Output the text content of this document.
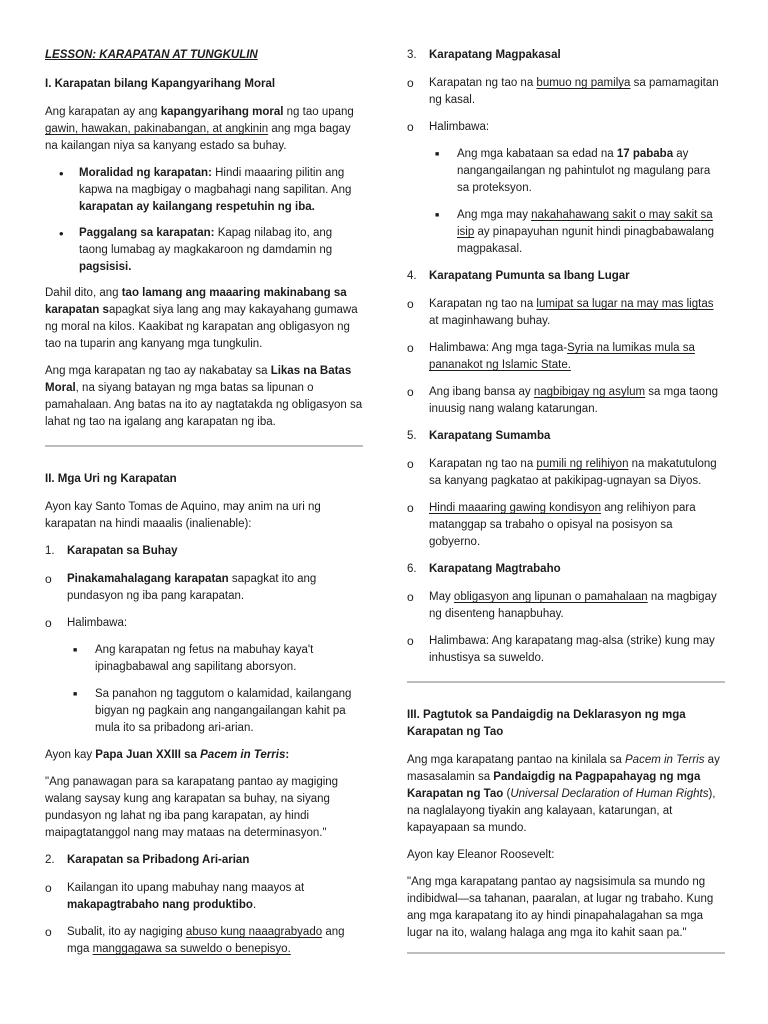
LESSON: KARAPATAN AT TUNGKULIN

I. Karapatan bilang Kapangyarihang Moral

Ang karapatan ay ang kapangyarihang moral ng tao upang gawin, hawakan, pakinabangan, at angkinin ang mga bagay na kailangan niya sa kanyang estado sa buhay.

• Moralidad ng karapatan: Hindi maaaring pilitin ang kapwa na magbigay o magbahagi nang sapilitan. Ang karapatan ay kailangang respetuhin ng iba.
• Paggalang sa karapatan: Kapag nilabag ito, ang taong lumabag ay magkakaroon ng damdamin ng pagsisisi.

Dahil dito, ang tao lamang ang maaaring makinabang sa karapatan sapagkat siya lang ang may kakayahang gumawa ng moral na kilos. Kaakibat ng karapatan ang obligasyon ng tao na tuparin ang kanyang mga tungkulin.

Ang mga karapatan ng tao ay nakabatay sa Likas na Batas Moral, na siyang batayan ng mga batas sa lipunan o pamahalaan. Ang batas na ito ay nagtatakda ng obligasyon sa lahat ng tao na igalang ang karapatan ng iba.

II. Mga Uri ng Karapatan

Ayon kay Santo Tomas de Aquino, may anim na uri ng karapatan na hindi maaalis (inalienable):

1.	Karapatan sa Buhay
o	Pinakamahalagang karapatan sapagkat ito ang pundasyon ng iba pang karapatan.
o	Halimbawa:
■	Ang karapatan ng fetus na mabuhay kaya't ipinagbabawal ang sapilitang aborsyon.
■	Sa panahon ng taggutom o kalamidad, kailangang bigyan ng pagkain ang nangangailangan kahit pa mula ito sa pribadong ari-arian.

Ayon kay Papa Juan XXIII sa Pacem in Terris:

"Ang panawagan para sa karapatang pantao ay magiging walang saysay kung ang karapatan sa buhay, na siyang pundasyon ng lahat ng iba pang karapatan, ay hindi maipagtatanggol nang may mataas na determinasyon."

2.	Karapatan sa Pribadong Ari-arian
o	Kailangan ito upang mabuhay nang maayos at makapagtrabaho nang produktibo.
o	Subalit, ito ay nagiging abuso kung naaagrabyado ang mga manggagawa sa suweldo o benepisyo.
3.	Karapatang Magpakasal
o	Karapatan ng tao na bumuo ng pamilya sa pamamagitan ng kasal.
o	Halimbawa:
■	Ang mga kabataan sa edad na 17 pababa ay nangangailangan ng pahintulot ng magulang para sa proteksyon.
■	Ang mga may nakahahawang sakit o may sakit sa isip ay pinapayuhan ngunit hindi pinagbabawalang magpakasal.
4.	Karapatang Pumunta sa Ibang Lugar
o	Karapatan ng tao na lumipat sa lugar na may mas ligtas at maginhawang buhay.
o	Halimbawa: Ang mga taga-Syria na lumikas mula sa pananakot ng Islamic State.
o	Ang ibang bansa ay nagbibigay ng asylum sa mga taong inuusig nang walang katarungan.
5.	Karapatang Sumamba
o	Karapatan ng tao na pumili ng relihiyon na makatutulong sa kanyang pagkatao at pakikipag-ugnayan sa Diyos.
o	Hindi maaaring gawing kondisyon ang relihiyon para matanggap sa trabaho o opisyal na posisyon sa gobyerno.
6.	Karapatang Magtrabaho
o	May obligasyon ang lipunan o pamahalaan na magbigay ng disenteng hanapbuhay.
o	Halimbawa: Ang karapatang mag-alsa (strike) kung may inhustisya sa suweldo.

III. Pagtutok sa Pandaigdig na Deklarasyon ng mga Karapatan ng Tao

Ang mga karapatang pantao na kinilala sa Pacem in Terris ay masasalamin sa Pandaigdig na Pagpapahayag ng mga Karapatan ng Tao (Universal Declaration of Human Rights), na naglalayong tiyakin ang kalayaan, katarungan, at kapayapaan sa mundo.

Ayon kay Eleanor Roosevelt:

"Ang mga karapatang pantao ay nagsisimula sa mundo ng indibidwal—sa tahanan, paaralan, at lugar ng trabaho. Kung ang mga karapatang ito ay hindi pinapahalagahan sa mga lugar na ito, walang halaga ang mga ito kahit saan pa."
